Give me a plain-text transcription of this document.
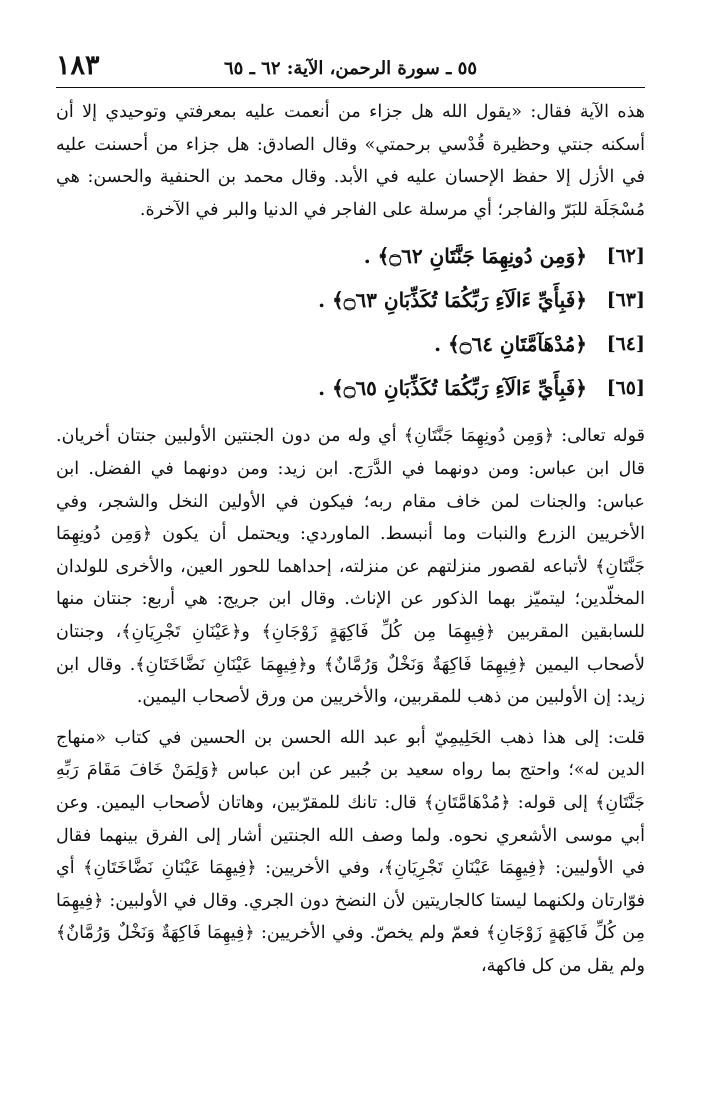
١٨٣	٥٥ ـ سورة الرحمن، الآية: ٦٢ ـ ٦٥

هذه الآية فقال: «يقول الله هل جزاء من أنعمت عليه بمعرفتي وتوحيدي إلا أن أسكنه جنتي وحظيرة قُدْسي برحمتي» وقال الصادق: هل جزاء من أحسنت عليه في الأزل إلا حفظ الإحسان عليه في الأبد. وقال محمد بن الحنفية والحسن: هي مُسْجَلَة للبَرّ والفاجر؛ أي مرسلة على الفاجر في الدنيا والبر في الآخرة.

[٦٢]
﴿وَمِن دُونِهِمَا جَنَّتَانِ ۝٦٢﴾ .
[٦٣]
﴿فَبِأَيِّ ءَالَآءِ رَبِّكُمَا تُكَذِّبَانِ ۝٦٣﴾ .
[٦٤]
﴿مُدْهَآمَّتَانِ ۝٦٤﴾ .
[٦٥]
﴿فَبِأَيِّ ءَالَآءِ رَبِّكُمَا تُكَذِّبَانِ ۝٦٥﴾ .

قوله تعالى: ﴿وَمِن دُونِهِمَا جَنَّتَانِ﴾ أي وله من دون الجنتين الأولبين جنتان أخريان. قال ابن عباس: ومن دونهما في الدَّرَج. ابن زيد: ومن دونهما في الفضل. ابن عباس: والجنات لمن خاف مقام ربه؛ فيكون في الأولين النخل والشجر، وفي الأخريين الزرع والنبات وما أنبسط. الماوردي: ويحتمل أن يكون ﴿وَمِن دُونِهِمَا جَنَّتَانِ﴾ لأتباعه لقصور منزلتهم عن منزلته، إحداهما للحور العين، والأخرى للولدان المخلّدين؛ ليتميّز بهما الذكور عن الإناث. وقال ابن جريج: هي أربع: جنتان منها للسابقين المقربين ﴿فِيهِمَا مِن كُلِّ فَاكِهَةٍ زَوْجَانِ﴾ و﴿عَيْنَانِ تَجْرِيَانِ﴾، وجنتان لأصحاب اليمين ﴿فِيهِمَا فَاكِهَةٌ وَنَخْلٌ وَرُمَّانٌ﴾ و﴿فِيهِمَا عَيْنَانِ نَضَّاخَتَانِ﴾. وقال ابن زيد: إن الأولبين من ذهب للمقربين، والأخريين من ورق لأصحاب اليمين.

قلت: إلى هذا ذهب الحَلِيمِيّ أبو عبد الله الحسن بن الحسين في كتاب «منهاج الدين له»؛ واحتج بما رواه سعيد بن جُبير عن ابن عباس ﴿وَلِمَنْ خَافَ مَقَامَ رَبِّهِ جَنَّتَانِ﴾ إلى قوله: ﴿مُدْهَامَّتَانِ﴾ قال: تانك للمقرّبين، وهاتان لأصحاب اليمين. وعن أبي موسى الأشعري نحوه. ولما وصف الله الجنتين أشار إلى الفرق بينهما فقال في الأوليين: ﴿فِيهِمَا عَيْنَانِ تَجْرِيَانِ﴾، وفي الأخريين: ﴿فِيهِمَا عَيْنَانِ نَضَّاخَتَانِ﴾ أي فوّارتان ولكنهما ليستا كالجاريتين لأن النضخ دون الجري. وقال في الأولبين: ﴿فِيهِمَا مِن كُلِّ فَاكِهَةٍ زَوْجَانِ﴾ فعمّ ولم يخصّ. وفي الأخريين: ﴿فِيهِمَا فَاكِهَةٌ وَنَخْلٌ وَرُمَّانٌ﴾ ولم يقل من كل فاكهة،
